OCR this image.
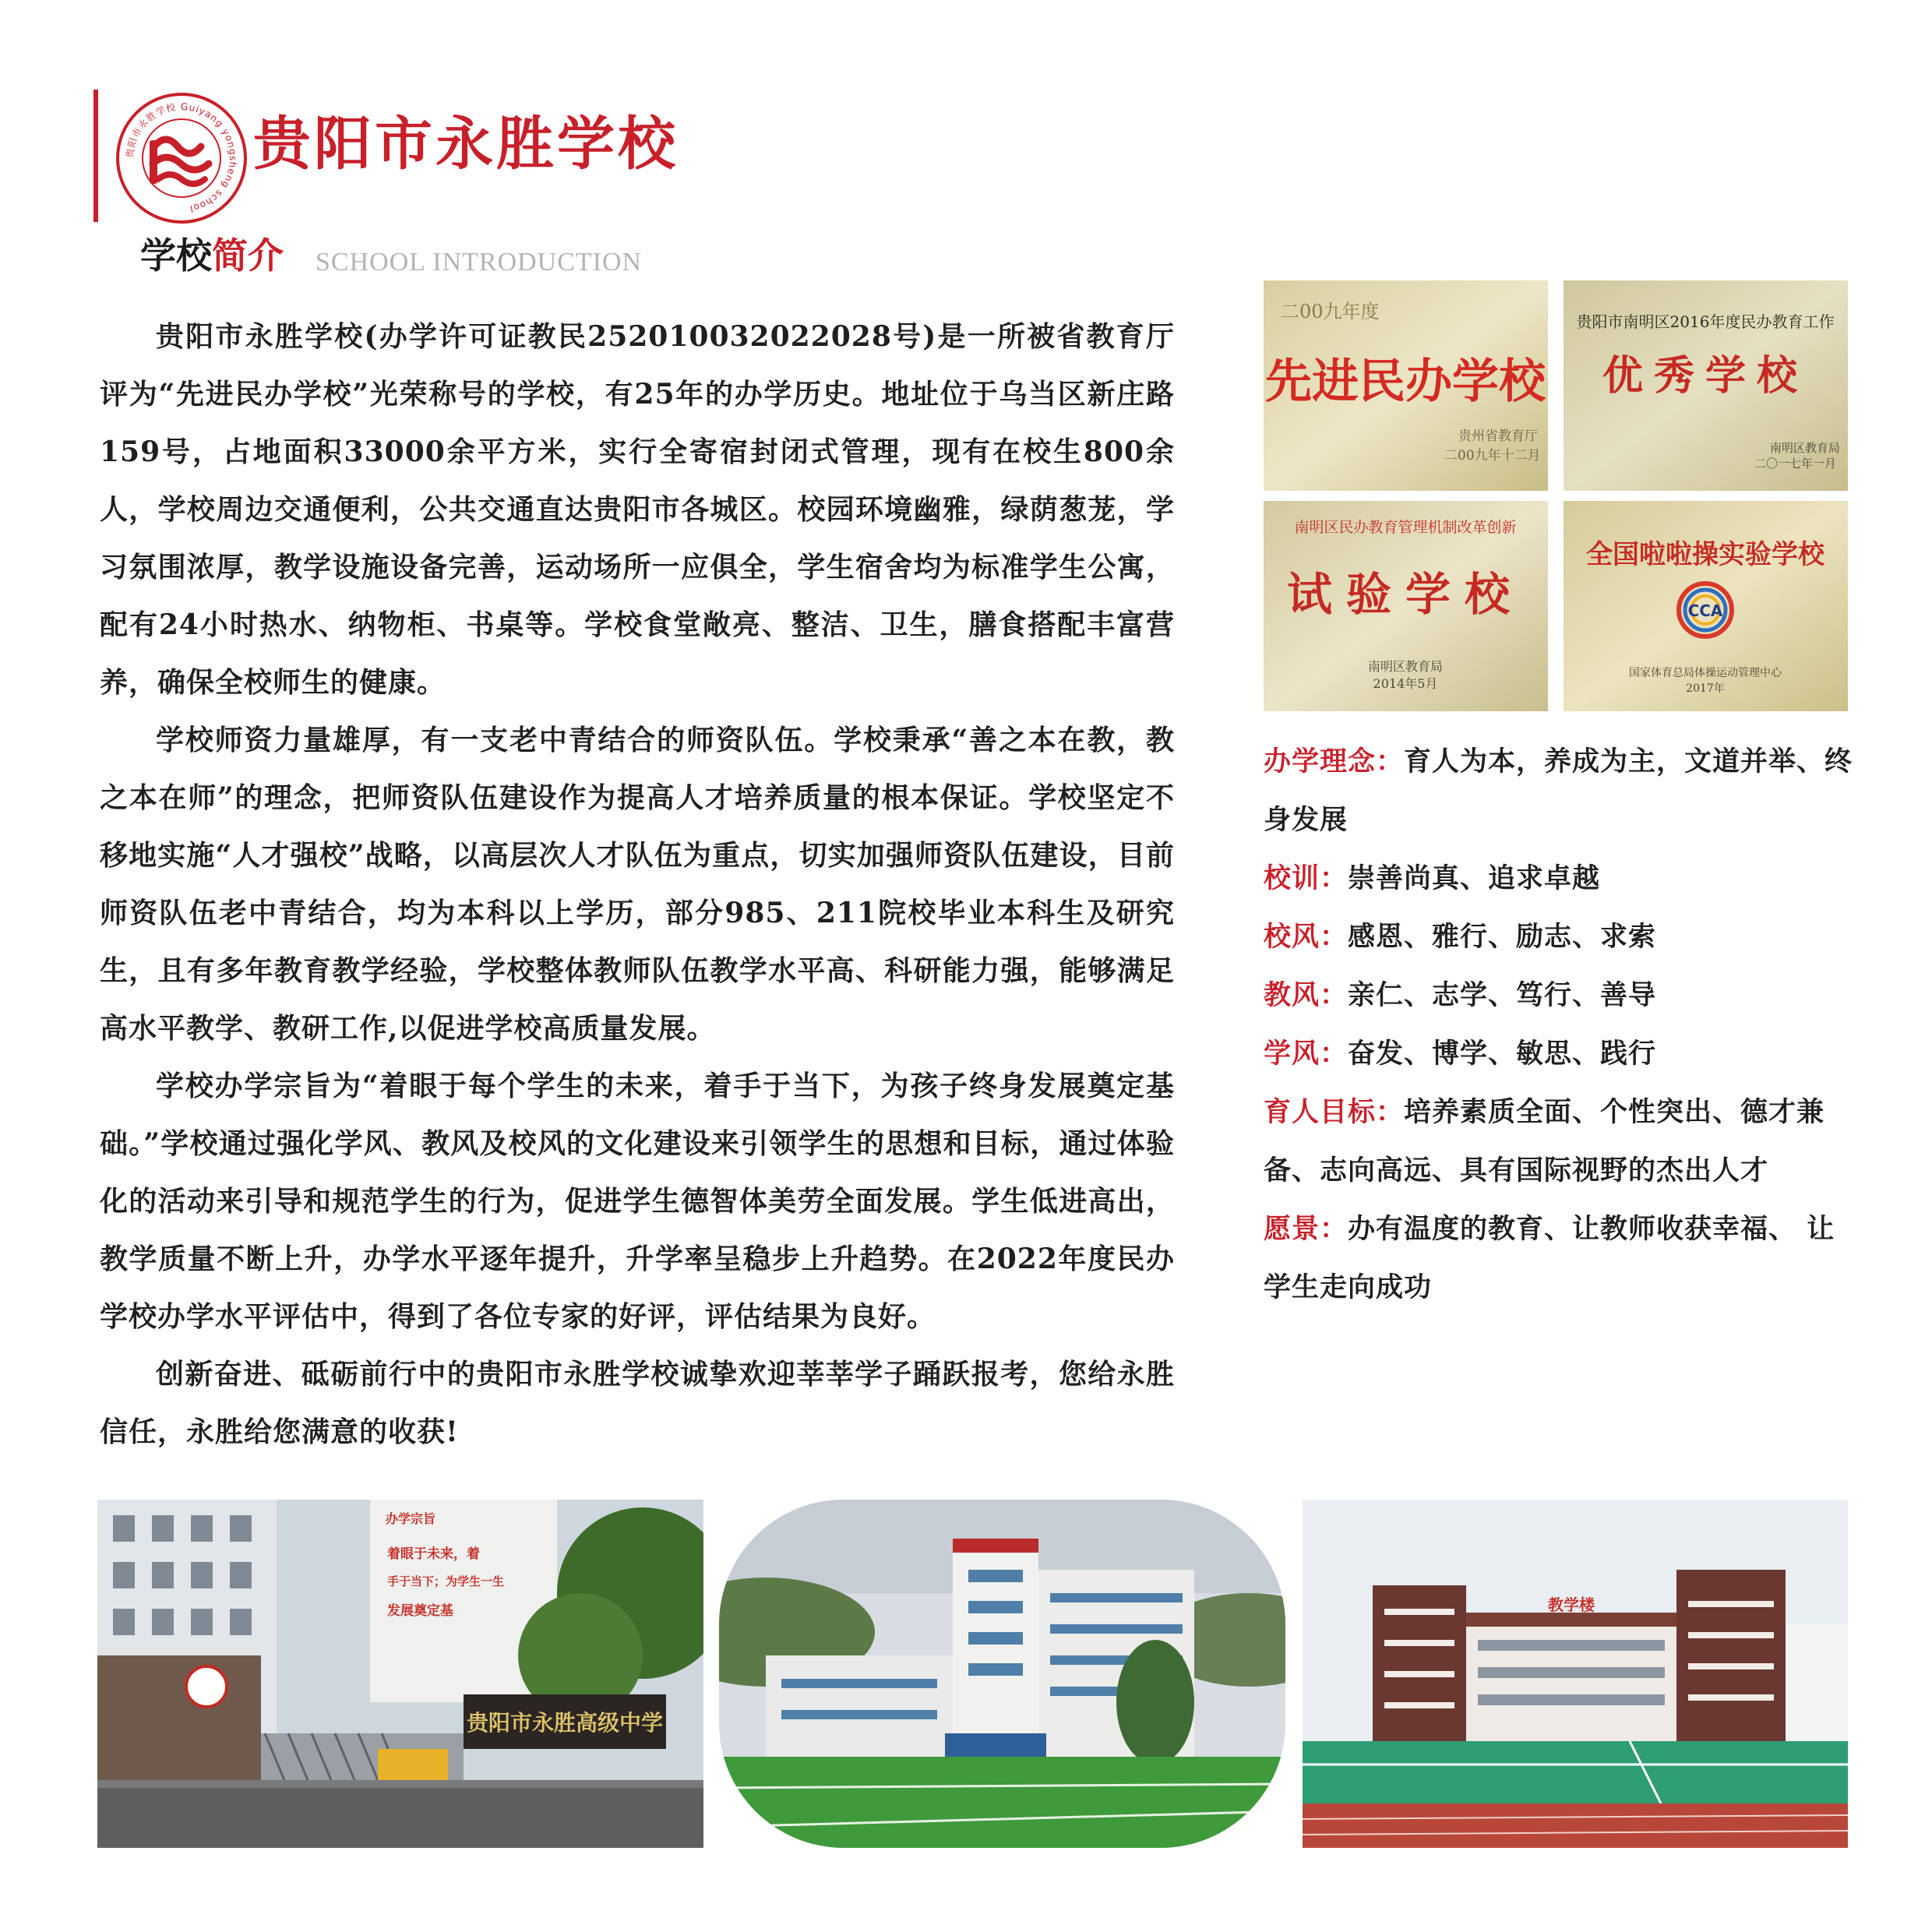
贵阳市永胜学校 Guiyang yongsheng school
贵阳市永胜学校
学校简介 SCHOOL INTRODUCTION

贵阳市永胜学校(办学许可证教民252010032022028号)是一所被省教育厅评为“先进民办学校”光荣称号的学校，有25年的办学历史。地址位于乌当区新庄路159号，占地面积33000余平方米，实行全寄宿封闭式管理，现有在校生800余人，学校周边交通便利，公共交通直达贵阳市各城区。校园环境幽雅，绿荫葱茏，学习氛围浓厚，教学设施设备完善，运动场所一应俱全，学生宿舍均为标准学生公寓，配有24小时热水、纳物柜、书桌等。学校食堂敞亮、整洁、卫生，膳食搭配丰富营养，确保全校师生的健康。

学校师资力量雄厚，有一支老中青结合的师资队伍。学校秉承“善之本在教，教之本在师”的理念，把师资队伍建设作为提高人才培养质量的根本保证。学校坚定不移地实施“人才强校”战略，以高层次人才队伍为重点，切实加强师资队伍建设，目前师资队伍老中青结合，均为本科以上学历，部分985、211院校毕业本科生及研究生，且有多年教育教学经验，学校整体教师队伍教学水平高、科研能力强，能够满足高水平教学、教研工作,以促进学校高质量发展。

学校办学宗旨为“着眼于每个学生的未来，着手于当下，为孩子终身发展奠定基础。”学校通过强化学风、教风及校风的文化建设来引领学生的思想和目标，通过体验化的活动来引导和规范学生的行为，促进学生德智体美劳全面发展。学生低进高出，教学质量不断上升，办学水平逐年提升，升学率呈稳步上升趋势。在2022年度民办学校办学水平评估中，得到了各位专家的好评，评估结果为良好。

创新奋进、砥砺前行中的贵阳市永胜学校诚挚欢迎莘莘学子踊跃报考，您给永胜信任，永胜给您满意的收获!

二00九年度
先进民办学校
贵州省教育厅
二00九年十二月
贵阳市南明区2016年度民办教育工作
优秀学校
南明区教育局
二〇一七年一月
南明区民办教育管理机制改革创新
试验学校
南明区教育局
2014年5月
全国啦啦操实验学校
CCA
国家体育总局体操运动管理中心
2017年
办学理念：育人为本，养成为主，文道并举、终身发展
校训：崇善尚真、追求卓越
校风：感恩、雅行、励志、求索
教风：亲仁、志学、笃行、善导
学风：奋发、博学、敏思、践行
育人目标：培养素质全面、个性突出、德才兼备、志向高远、具有国际视野的杰出人才
愿景：办有温度的教育、让教师收获幸福、 让学生走向成功
办学宗旨
着眼于未来，着
手于当下；为学生一生
发展奠定基
贵阳市永胜高级中学
教学楼
